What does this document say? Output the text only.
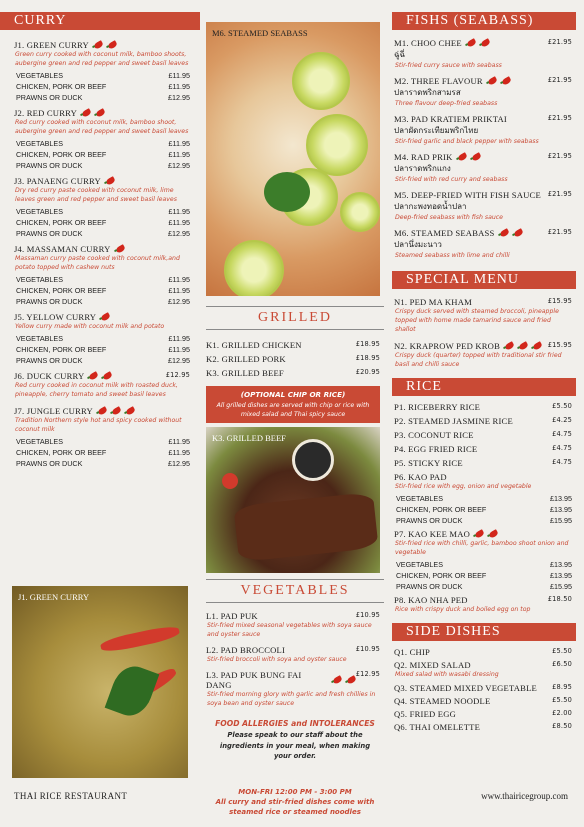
CURRY
J1. GREEN CURRY
Green curry cooked with coconut milk, bamboo shoots, aubergine green and red pepper and sweet basil leaves
VEGETABLES	£11.95
CHICKEN, PORK OR BEEF	£11.95
PRAWNS OR DUCK	£12.95
J2. RED CURRY
Red curry cooked with coconut milk, bamboo shoot, aubergine green and red pepper and sweet basil leaves
VEGETABLES	£11.95
CHICKEN, PORK OR BEEF	£11.95
PRAWNS OR DUCK	£12.95
J3. PANAENG CURRY
Dry red curry paste cooked with coconut milk, lime leaves green and red pepper and sweet basil leaves
VEGETABLES	£11.95
CHICKEN, PORK OR BEEF	£11.95
PRAWNS OR DUCK	£12.95
J4. MASSAMAN CURRY
Massaman curry paste cooked with coconut milk,and potato topped with cashew nuts
VEGETABLES	£11.95
CHICKEN, PORK OR BEEF	£11.95
PRAWNS OR DUCK	£12.95
J5. YELLOW CURRY
Yellow curry made with coconut milk and potato
VEGETABLES	£11.95
CHICKEN, PORK OR BEEF	£11.95
PRAWNS OR DUCK	£12.95
J6. DUCK CURRY	£12.95
Red curry cooked in coconut milk with roasted duck, pineapple, cherry tomato and sweet basil leaves
J7. JUNGLE CURRY
Tradition Northern style hot and spicy cooked without coconut milk
VEGETABLES	£11.95
CHICKEN, PORK OR BEEF	£11.95
PRAWNS OR DUCK	£12.95
J1. GREEN CURRY
M6. STEAMED SEABASS
GRILLED
K1. GRILLED CHICKEN	£18.95
K2. GRILLED PORK	£18.95
K3. GRILLED BEEF	£20.95
(OPTIONAL CHIP OR RICE)
All grilled dishes are served with chip or rice with mixed salad and Thai spicy sauce
K3. GRILLED BEEF
VEGETABLES
L1. PAD PUK	£10.95
Stir-fried mixed seasonal vegetables with soya sauce and oyster sauce
L2. PAD BROCCOLI	£10.95
Stir-fried broccoli with soya and oyster sauce
L3. PAD PUK BUNG FAI DANG
£12.95
Stir-fried morning glory with garlic and fresh chillies in soya bean and oyster sauce
FOOD ALLERGIES and INTOLERANCES
Please speak to our staff about the ingredients in your meal, when making your order.
FISHS (SEABASS)
M1. CHOO CHEE	£21.95
ฉู่ฉี่
Stir-fried curry sauce with seabass
M2. THREE FLAVOUR	£21.95
ปลาราดพริกสามรส
Three flavour deep-fried seabass
M3. PAD KRATIEM PRIKTAI	£21.95
ปลาผัดกระเทียมพริกไทย
Stir-fried garlic and black pepper with seabass
M4. RAD PRIK	£21.95
ปลาราดพริกแกง
Stir-fried with red curry and seabass
M5. DEEP-FRIED WITH FISH SAUCE £21.95
ปลากะพงทอดน้ำปลา
Deep-fried seabass with fish sauce
M6. STEAMED SEABASS	£21.95
ปลานึ่งมะนาว
Steamed seabass with lime and chilli
SPECIAL MENU
N1. PED MA KHAM	£15.95
Crispy duck served with steamed broccoli, pineapple topped with home made tamarind sauce and fried shallot
N2. KRAPROW PED KROB	£15.95
Crispy duck (quarter) topped with traditional stir fried basil and chilli sauce
RICE
P1. RICEBERRY RICE	£5.50
P2. STEAMED JASMINE RICE	£4.25
P3. COCONUT RICE	£4.75
P4. EGG FRIED RICE	£4.75
P5. STICKY RICE	£4.75
P6. KAO PAD
Stir-fried rice with egg, onion and vegetable
VEGETABLES	£13.95
CHICKEN, PORK OR BEEF	£13.95
PRAWNS OR DUCK	£15.95
P7. KAO KEE MAO
Stir-fried rice with chilli, garlic, bamboo shoot onion and vegetable
VEGETABLES	£13.95
CHICKEN, PORK OR BEEF	£13.95
PRAWNS OR DUCK	£15.95
P8. KAO NHA PED	£18.50
Rice with crispy duck and boiled egg on top
SIDE DISHES
Q1. CHIP	£5.50
Q2. MIXED SALAD	£6.50
Mixed salad with wasabi dressing
Q3. STEAMED MIXED VEGETABLE £8.95
Q4. STEAMED NOODLE	£5.50
Q5. FRIED EGG	£2.00
Q6. THAI OMELETTE	£8.50
THAI RICE RESTAURANT	MON-FRI 12:00 PM - 3:00 PM
All curry and stir-fried dishes come with steamed rice or steamed noodles
www.thairicegroup.com
